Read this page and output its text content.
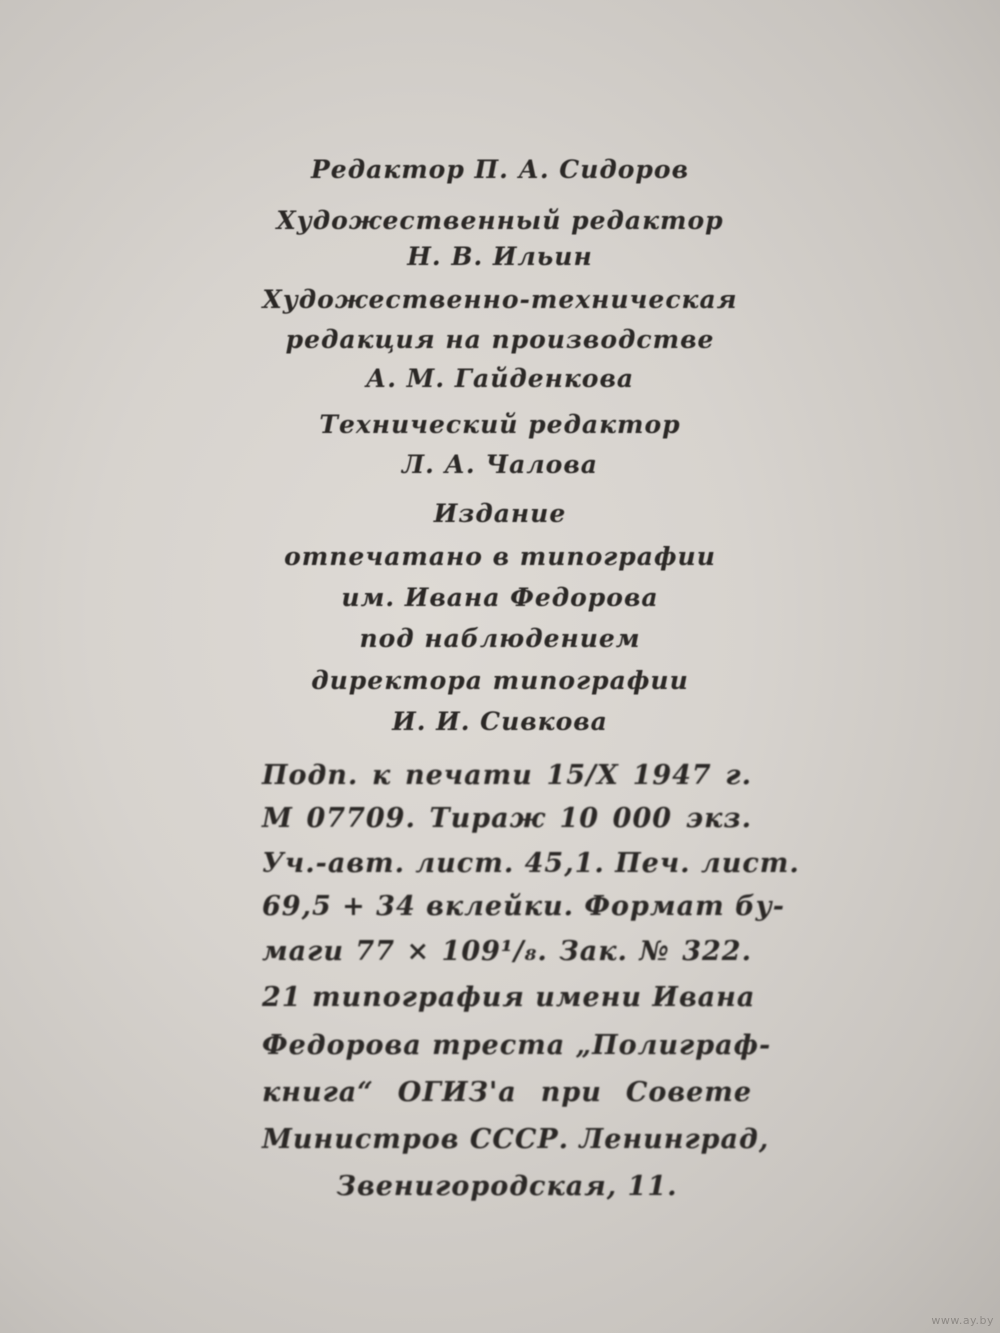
Редактор П. А. Сидоров
Художественный редактор
Н. В. Ильин
Художественно-техническая
редакция на производстве
А. М. Гайденкова
Технический редактор
Л. А. Чалова
Издание
отпечатано в типографии
им. Ивана Федорова
под наблюдением
директора типографии
И. И. Сивкова
Подп. к печати 15/X 1947 г.
М 07709. Тираж 10 000 экз.
Уч.-авт. лист. 45,1. Печ. лист.
69,5 + 34 вклейки. Формат бу-
маги 77 × 109¹/₈. Зак. № 322.
21 типография имени Ивана
Федорова треста „Полиграф-
книга“ ОГИЗ'а при Совете
Министров СССР. Ленинград,
Звенигородская, 11.
www.ay.by
